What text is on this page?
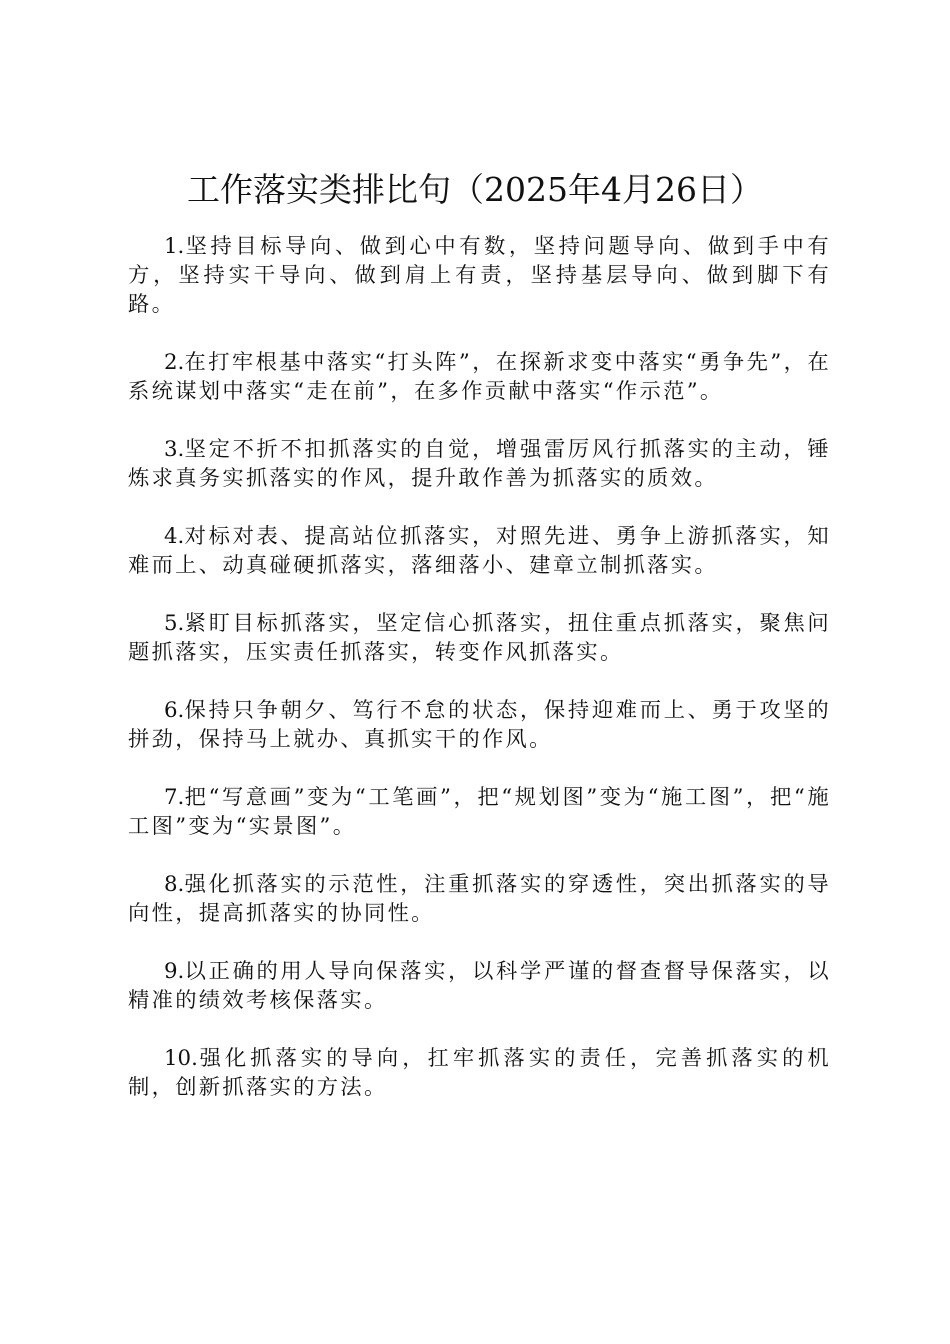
工作落实类排比句（2025年4月26日）

1.坚持目标导向、做到心中有数，坚持问题导向、做到手中有方，坚持实干导向、做到肩上有责，坚持基层导向、做到脚下有路。

2.在打牢根基中落实“打头阵”，在探新求变中落实“勇争先”，在系统谋划中落实“走在前”，在多作贡献中落实“作示范”。

3.坚定不折不扣抓落实的自觉，增强雷厉风行抓落实的主动，锤炼求真务实抓落实的作风，提升敢作善为抓落实的质效。

4.对标对表、提高站位抓落实，对照先进、勇争上游抓落实，知难而上、动真碰硬抓落实，落细落小、建章立制抓落实。

5.紧盯目标抓落实，坚定信心抓落实，扭住重点抓落实，聚焦问题抓落实，压实责任抓落实，转变作风抓落实。

6.保持只争朝夕、笃行不怠的状态，保持迎难而上、勇于攻坚的拼劲，保持马上就办、真抓实干的作风。

7.把“写意画”变为“工笔画”，把“规划图”变为“施工图”，把“施工图”变为“实景图”。

8.强化抓落实的示范性，注重抓落实的穿透性，突出抓落实的导向性，提高抓落实的协同性。

9.以正确的用人导向保落实，以科学严谨的督查督导保落实，以精准的绩效考核保落实。

10.强化抓落实的导向，扛牢抓落实的责任，完善抓落实的机制，创新抓落实的方法。
